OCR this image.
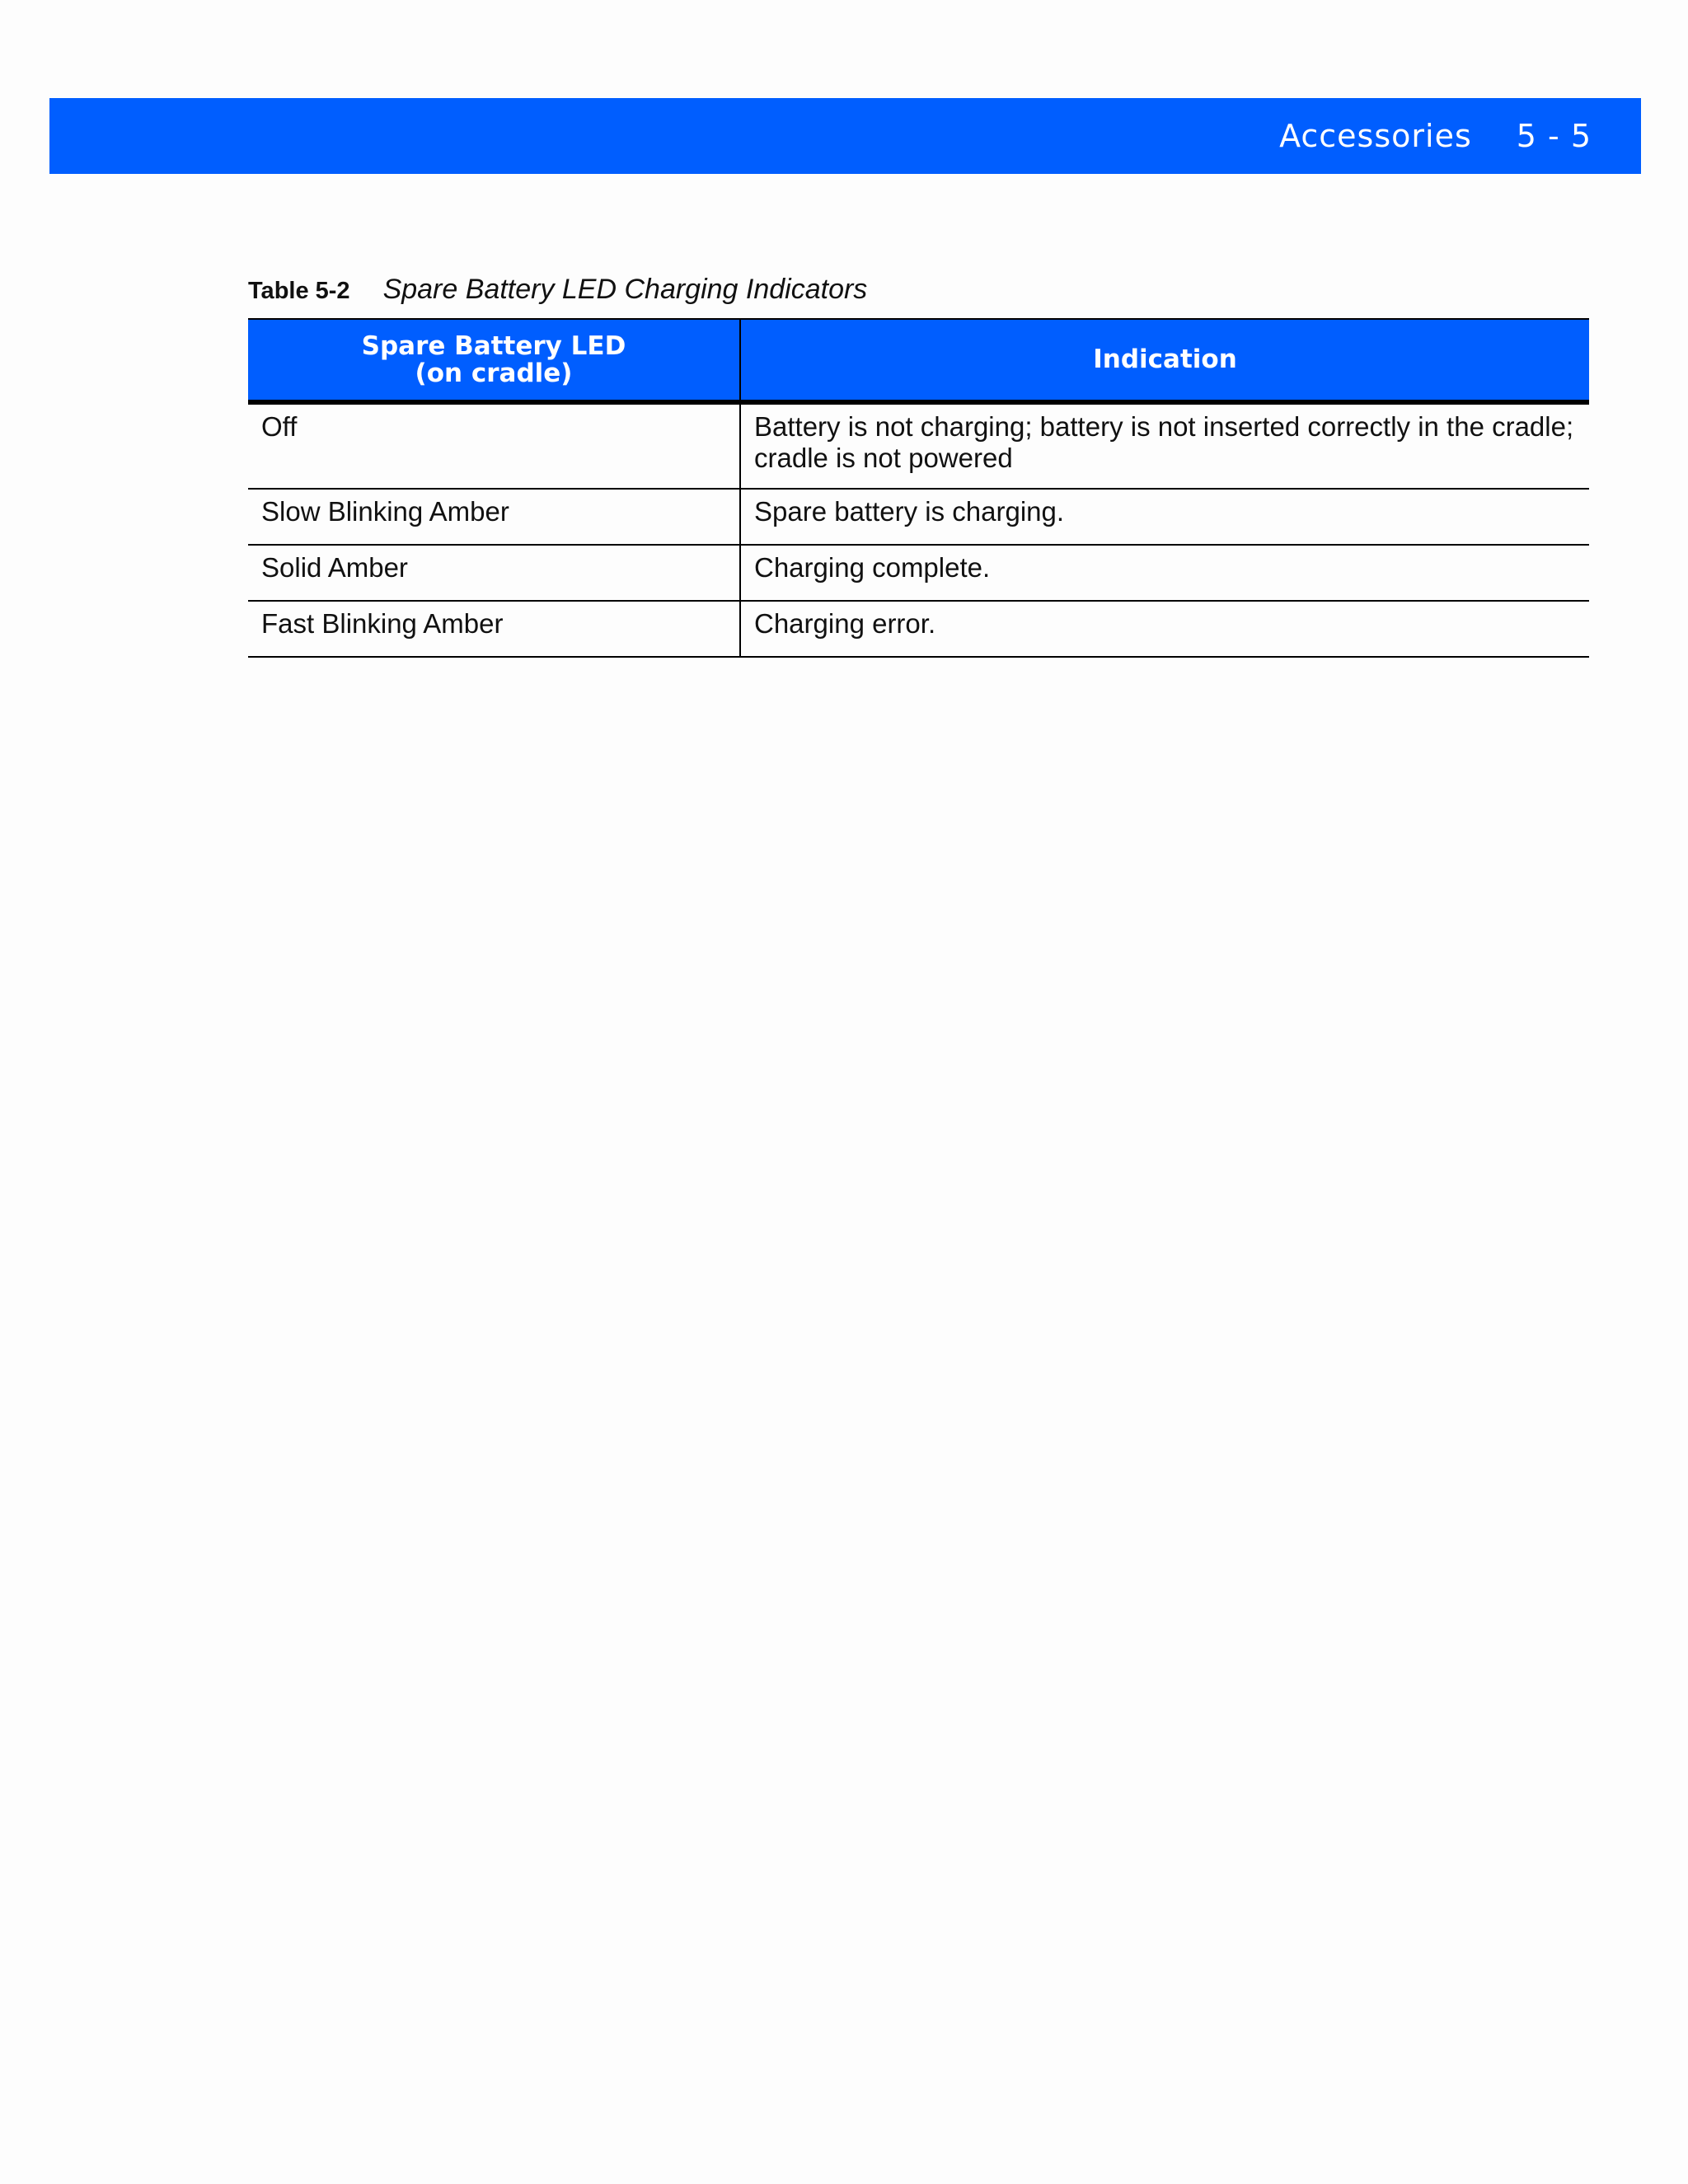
Accessories 5 - 5
Table 5-2 Spare Battery LED Charging Indicators
Spare Battery LED
(on cradle)	Indication
Off	Battery is not charging; battery is not inserted correctly in the cradle; cradle is not powered
Slow Blinking Amber	Spare battery is charging.
Solid Amber	Charging complete.
Fast Blinking Amber	Charging error.
